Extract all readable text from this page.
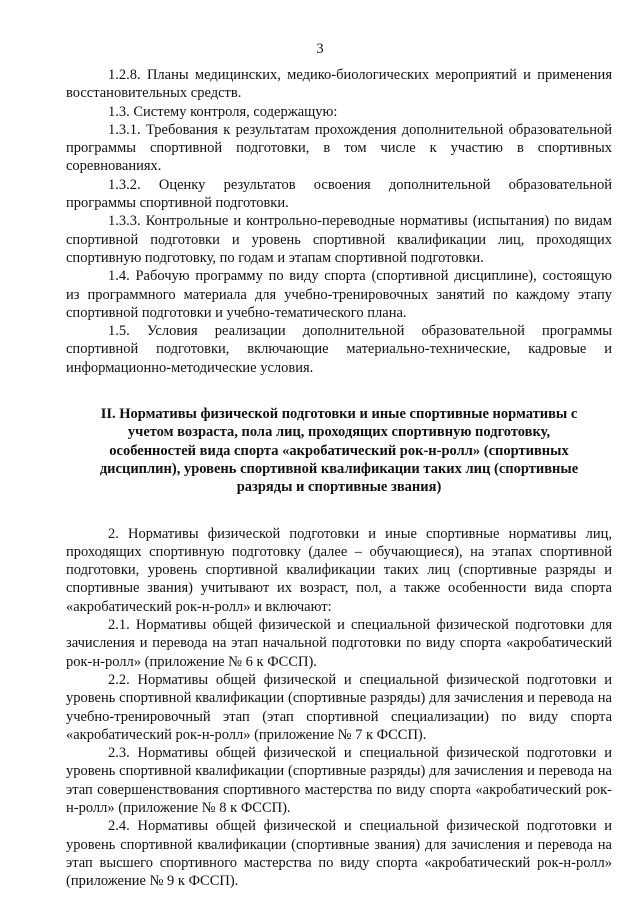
3

1.2.8. Планы медицинских, медико-биологических мероприятий и применения восстановительных средств.

1.3. Систему контроля, содержащую:

1.3.1. Требования к результатам прохождения дополнительной образовательной программы спортивной подготовки, в том числе к участию в спортивных соревнованиях.

1.3.2. Оценку результатов освоения дополнительной образовательной программы спортивной подготовки.

1.3.3. Контрольные и контрольно-переводные нормативы (испытания) по видам спортивной подготовки и уровень спортивной квалификации лиц, проходящих спортивную подготовку, по годам и этапам спортивной подготовки.

1.4. Рабочую программу по виду спорта (спортивной дисциплине), состоящую из программного материала для учебно-тренировочных занятий по каждому этапу спортивной подготовки и учебно-тематического плана.

1.5. Условия реализации дополнительной образовательной программы спортивной подготовки, включающие материально-технические, кадровые и информационно-методические условия.

II. Нормативы физической подготовки и иные спортивные нормативы с учетом возраста, пола лиц, проходящих спортивную подготовку, особенностей вида спорта «акробатический рок-н-ролл» (спортивных дисциплин), уровень спортивной квалификации таких лиц (спортивные разряды и спортивные звания)

2. Нормативы физической подготовки и иные спортивные нормативы лиц, проходящих спортивную подготовку (далее – обучающиеся), на этапах спортивной подготовки, уровень спортивной квалификации таких лиц (спортивные разряды и спортивные звания) учитывают их возраст, пол, а также особенности вида спорта «акробатический рок-н-ролл» и включают:

2.1. Нормативы общей физической и специальной физической подготовки для зачисления и перевода на этап начальной подготовки по виду спорта «акробатический рок-н-ролл» (приложение № 6 к ФССП).

2.2. Нормативы общей физической и специальной физической подготовки и уровень спортивной квалификации (спортивные разряды) для зачисления и перевода на учебно-тренировочный этап (этап спортивной специализации) по виду спорта «акробатический рок-н-ролл» (приложение № 7 к ФССП).

2.3. Нормативы общей физической и специальной физической подготовки и уровень спортивной квалификации (спортивные разряды) для зачисления и перевода на этап совершенствования спортивного мастерства по виду спорта «акробатический рок-н-ролл» (приложение № 8 к ФССП).

2.4. Нормативы общей физической и специальной физической подготовки и уровень спортивной квалификации (спортивные звания) для зачисления и перевода на этап высшего спортивного мастерства по виду спорта «акробатический рок-н-ролл» (приложение № 9 к ФССП).
